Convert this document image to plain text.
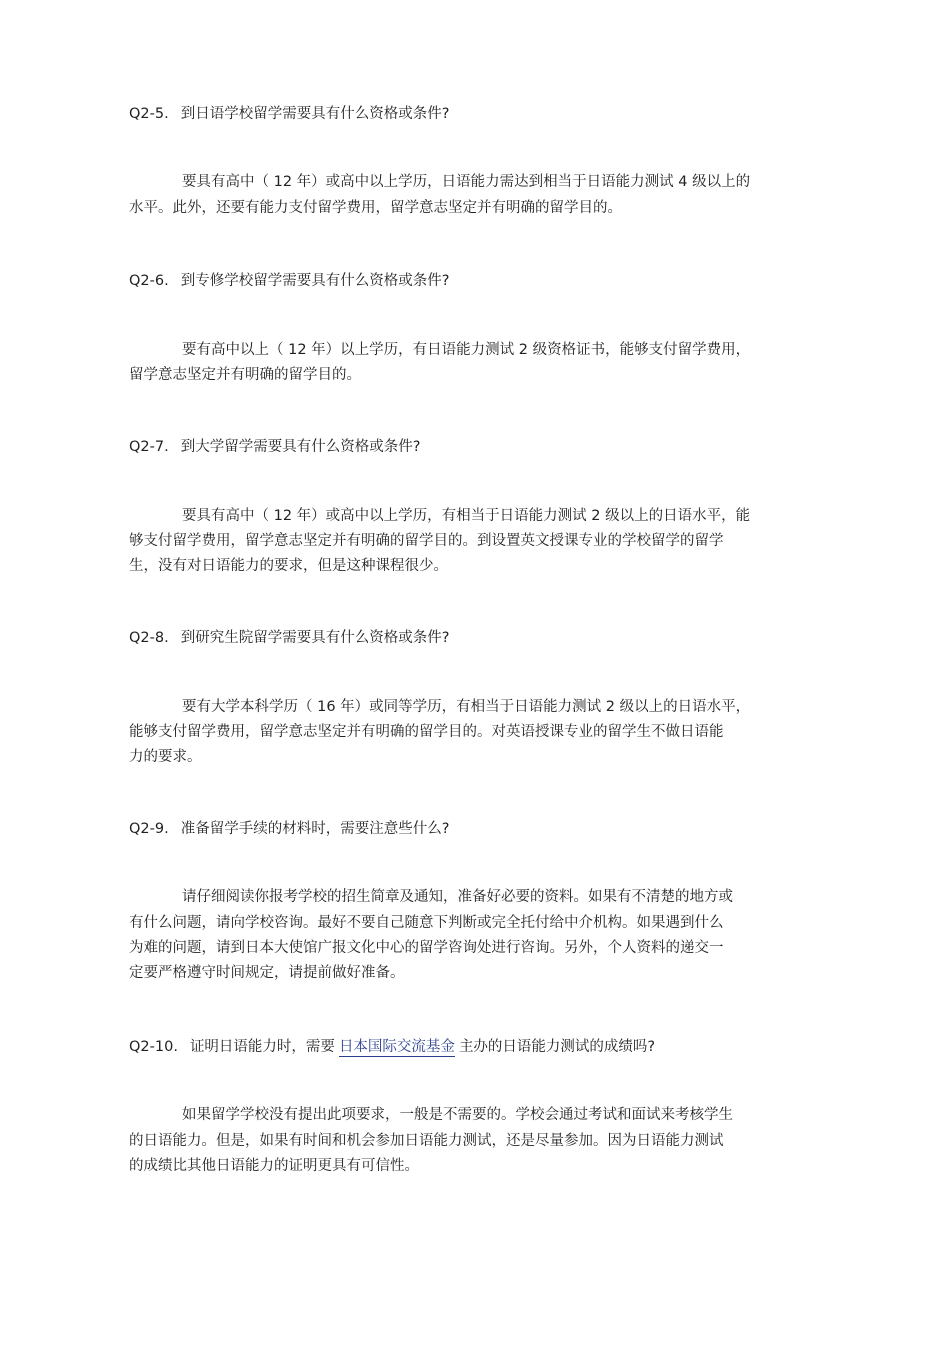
Q2-5. 到日语学校留学需要具有什么资格或条件?
要具有高中（ 12 年）或高中以上学历，日语能力需达到相当于日语能力测试 4 级以上的
水平。此外，还要有能力支付留学费用，留学意志坚定并有明确的留学目的。
Q2-6. 到专修学校留学需要具有什么资格或条件?
要有高中以上（ 12 年）以上学历，有日语能力测试 2 级资格证书，能够支付留学费用，
留学意志坚定并有明确的留学目的。
Q2-7. 到大学留学需要具有什么资格或条件?
要具有高中（ 12 年）或高中以上学历，有相当于日语能力测试 2 级以上的日语水平，能
够支付留学费用，留学意志坚定并有明确的留学目的。到设置英文授课专业的学校留学的留学
生，没有对日语能力的要求，但是这种课程很少。
Q2-8. 到研究生院留学需要具有什么资格或条件?
要有大学本科学历（ 16 年）或同等学历，有相当于日语能力测试 2 级以上的日语水平，
能够支付留学费用，留学意志坚定并有明确的留学目的。对英语授课专业的留学生不做日语能
力的要求。
Q2-9. 准备留学手续的材料时，需要注意些什么?
请仔细阅读你报考学校的招生简章及通知，准备好必要的资料。如果有不清楚的地方或
有什么问题，请向学校咨询。最好不要自己随意下判断或完全托付给中介机构。如果遇到什么
为难的问题，请到日本大使馆广报文化中心的留学咨询处进行咨询。另外，个人资料的递交一
定要严格遵守时间规定，请提前做好准备。
Q2-10. 证明日语能力时，需要 日本国际交流基金 主办的日语能力测试的成绩吗?
如果留学学校没有提出此项要求，一般是不需要的。学校会通过考试和面试来考核学生
的日语能力。但是，如果有时间和机会参加日语能力测试，还是尽量参加。因为日语能力测试
的成绩比其他日语能力的证明更具有可信性。
